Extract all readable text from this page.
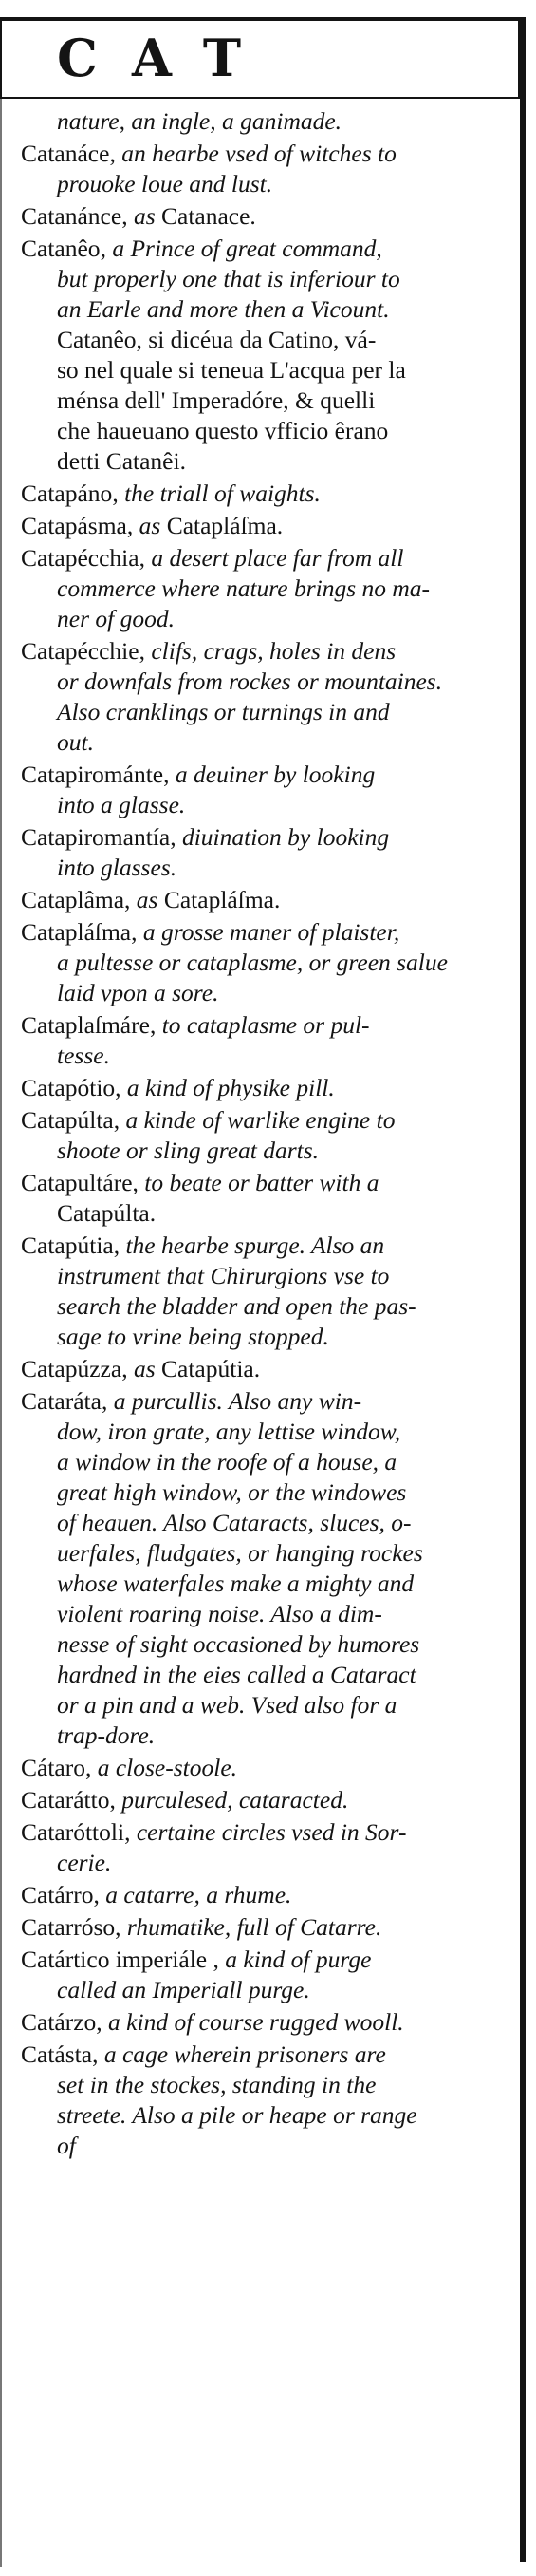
CAT
nature, an ingle, a ganimade.
Catanáce, an hearbe vsed of witches to
prouoke loue and lust.
Catanánce, as Catanace.
Catanêo, a Prince of great command,
but properly one that is inferiour to
an Earle and more then a Vicount.
Catanêo, si dicéua da Catino, vá-
so nel quale si teneua L'acqua per la
ménsa dell' Imperadóre, & quelli
che haueuano questo vfficio êrano
detti Catanêi.
Catapáno, the triall of waights.
Catapásma, as Catapláſma.
Catapécchia, a desert place far from all
commerce where nature brings no ma-
ner of good.
Catapécchie, clifs, crags, holes in dens
or downfals from rockes or mountaines.
Also cranklings or turnings in and
out.
Catapirománte, a deuiner by looking
into a glasse.
Catapiromantía, diuination by looking
into glasses.
Cataplâma, as Catapláſma.
Catapláſma, a grosse maner of plaister,
a pultesse or cataplasme, or green salue
laid vpon a sore.
Cataplaſmáre, to cataplasme or pul-
tesse.
Catapótio, a kind of physike pill.
Catapúlta, a kinde of warlike engine to
shoote or sling great darts.
Catapultáre, to beate or batter with a
Catapúlta.
Catapútia, the hearbe spurge. Also an
instrument that Chirurgions vse to
search the bladder and open the pas-
sage to vrine being stopped.
Catapúzza, as Catapútia.
Cataráta, a purcullis. Also any win-
dow, iron grate, any lettise window,
a window in the roofe of a house, a
great high window, or the windowes
of heauen. Also Cataracts, sluces, o-
uerfales, fludgates, or hanging rockes
whose waterfales make a mighty and
violent roaring noise. Also a dim-
nesse of sight occasioned by humores
hardned in the eies called a Cataract
or a pin and a web. Vsed also for a
trap-dore.
Cátaro, a close-stoole.
Catarátto, purculesed, cataracted.
Cataróttoli, certaine circles vsed in Sor-
cerie.
Catárro, a catarre, a rhume.
Catarróso, rhumatike, full of Catarre.
Catártico imperiále , a kind of purge
called an Imperiall purge.
Catárzo, a kind of course rugged wooll.
Catásta, a cage wherein prisoners are
set in the stockes, standing in the
streete. Also a pile or heape or range
of
